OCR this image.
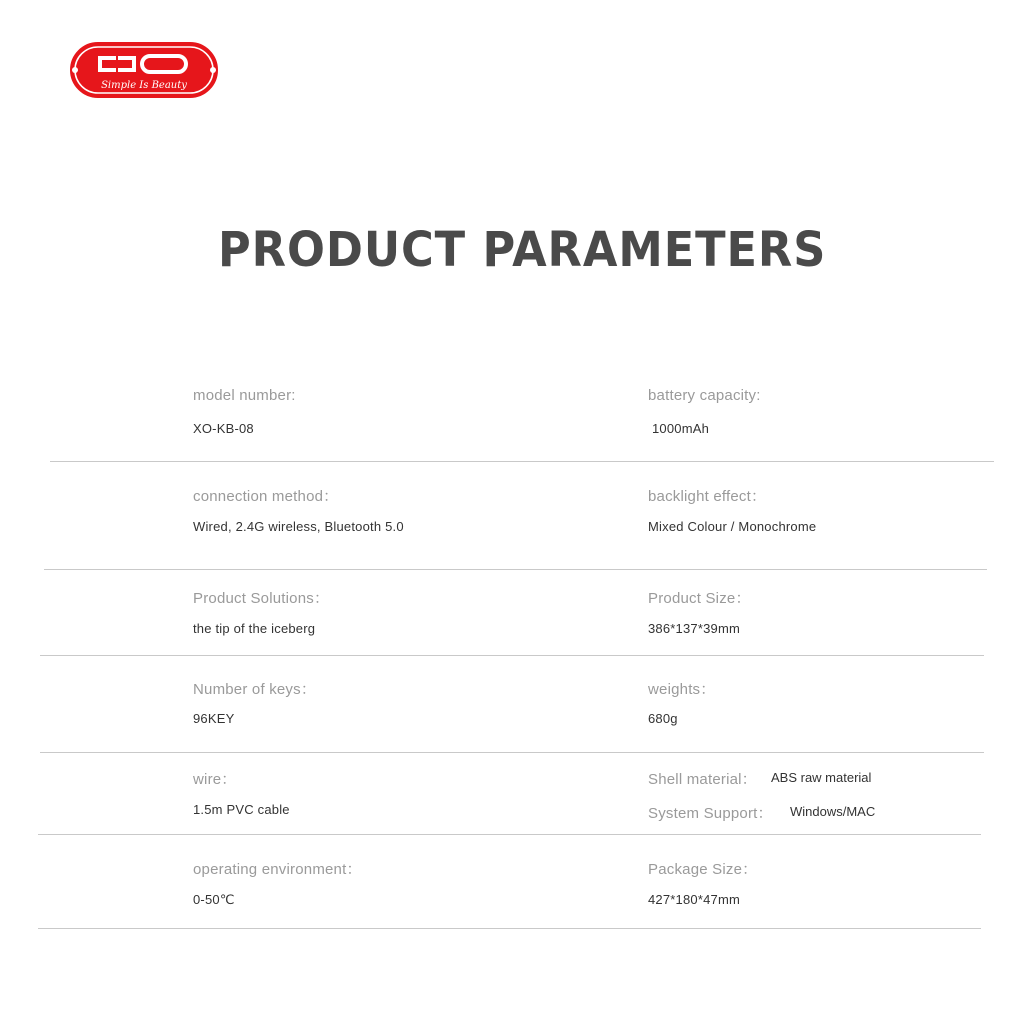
Simple Is Beauty
PRODUCT PARAMETERS
model number:
XO-KB-08
battery capacity:
1000mAh
connection method：
Wired, 2.4G wireless, Bluetooth 5.0
backlight effect：
Mixed Colour / Monochrome
Product Solutions：
the tip of the iceberg
Product Size：
386*137*39mm
Number of keys：
96KEY
weights：
680g
wire：
1.5m PVC cable
Shell material： ABS raw material
System Support： Windows/MAC
operating environment：
0-50℃
Package Size：
427*180*47mm
